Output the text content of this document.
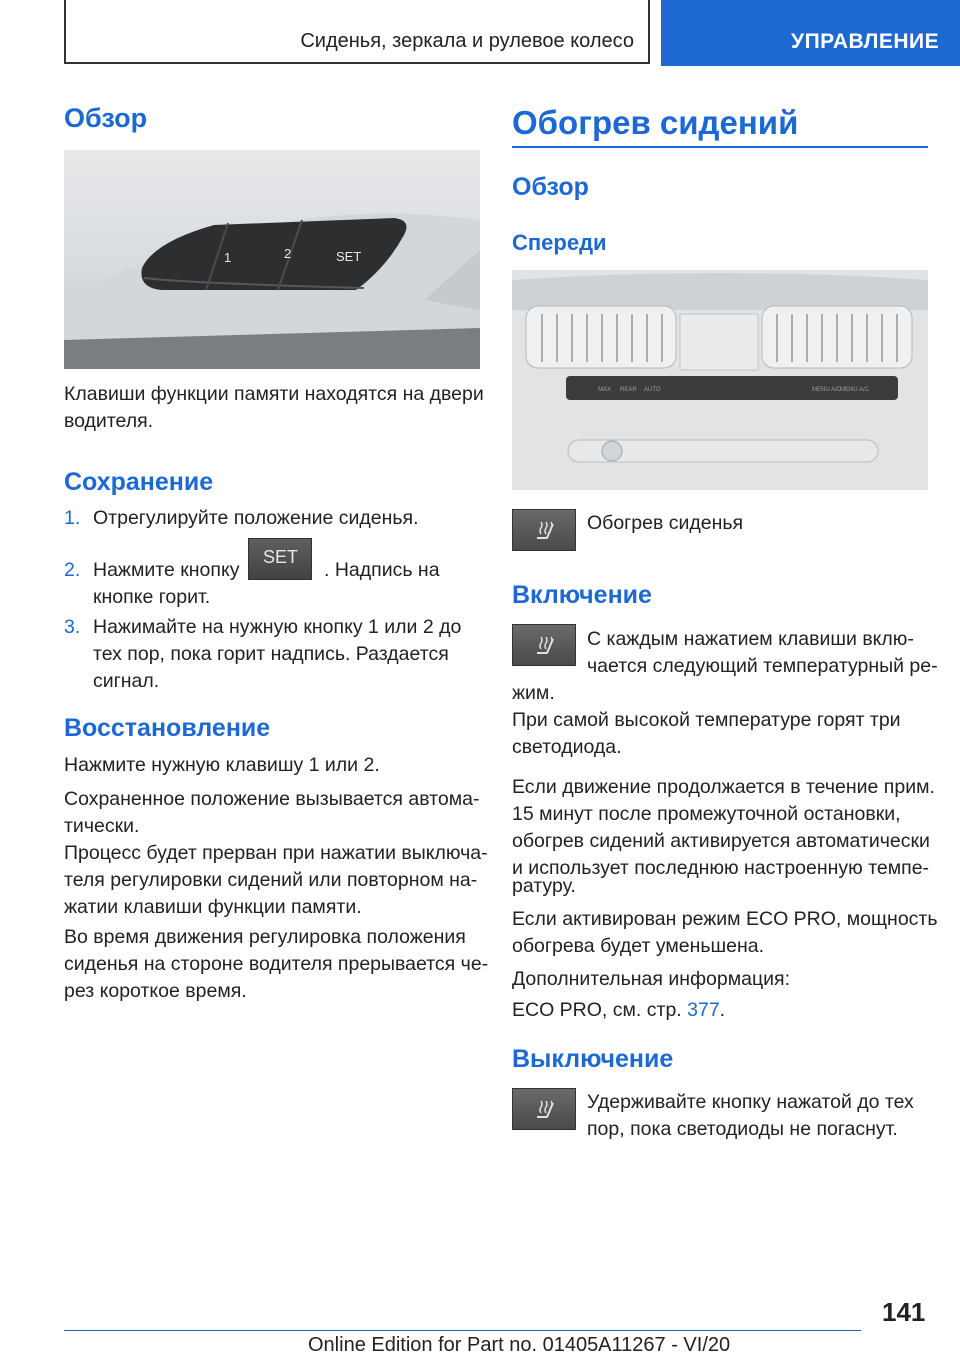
Сиденья, зеркала и рулевое колесо	УПРАВЛЕНИЕ
Обзор
1	2	SET
Клавиши функции памяти находятся на двери
водителя.
Сохранение
1. Отрегулируйте положение сиденья.
2. Нажмите кнопку
SET
. Надпись на
кнопке горит.
3. Нажимайте на нужную кнопку 1 или 2 до
тех пор, пока горит надпись. Раздается
сигнал.
Восстановление
Нажмите нужную клавишу 1 или 2.
Сохраненное положение вызывается автома‐
тически.
Процесс будет прерван при нажатии выключа‐
теля регулировки сидений или повторном на‐
жатии клавиши функции памяти.
Во время движения регулировка положения
сиденья на стороне водителя прерывается че‐
рез короткое время.
Обогрев сидений
Обзор
Спереди
MAX REAR AUTO	MENU A/C
MENU A/C
Обогрев сиденья
Включение
С каждым нажатием клавиши вклю‐
чается следующий температурный ре‐
жим.
При самой высокой температуре горят три
светодиода.
Если движение продолжается в течение прим.
15 минут после промежуточной остановки,
обогрев сидений активируется автоматически
и использует последнюю настроенную темпе‐
ратуру.
Если активирован режим ECO PRO, мощность
обогрева будет уменьшена.
Дополнительная информация:
ECO PRO, см. стр. 377.
Выключение
Удерживайте кнопку нажатой до тех
пор, пока светодиоды не погаснут.
141
Online Edition for Part no. 01405A11267 - VI/20
